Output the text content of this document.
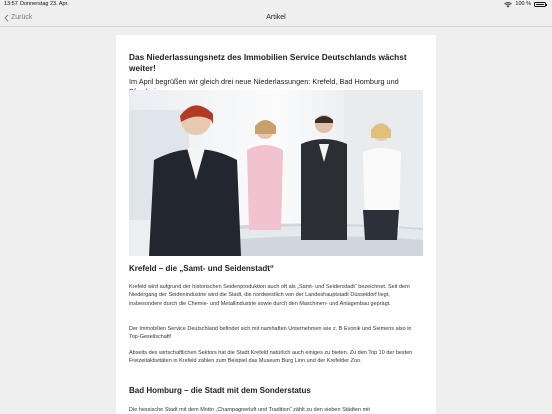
13:57 Donnerstag 23. Apr.	100 %
Zurück	Artikel

Das Niederlassungsnetz des Immobilien Service Deutschlands wächst weiter!

Im April begrüßen wir gleich drei neue Niederlassungen: Krefeld, Bad Homburg und

Krefeld – die „Samt- und Seidenstadt“

Krefeld wird aufgrund der historischen Seidenproduktion auch oft als „Samt- und Seidenstadt“ bezeichnet. Seit dem Niedergang der Seidenindustrie wird die Stadt, die nordwestlich von der Landeshauptstadt Düsseldorf liegt, insbesondere durch die Chemie- und Metallindustrie sowie durch den Maschinen- und Anlagenbau geprägt.

Der Immobilien Service Deutschland befindet sich mit namhaften Unternehmen wie z. B Evonik und Siemens also in Top-Gesellschaft!

Abseits des wirtschaftlichen Sektors hat die Stadt Krefeld natürlich auch einiges zu bieten. Zu den Top 10 der besten Freizeitaktivitäten in Krefeld zählen zum Beispiel das Museum Burg Linn und der Krefelder Zoo.

Bad Homburg – die Stadt mit dem Sonderstatus

Die hessische Stadt mit dem Motto „Champagnerluft und Tradition“ zählt zu den sieben Städten mit
